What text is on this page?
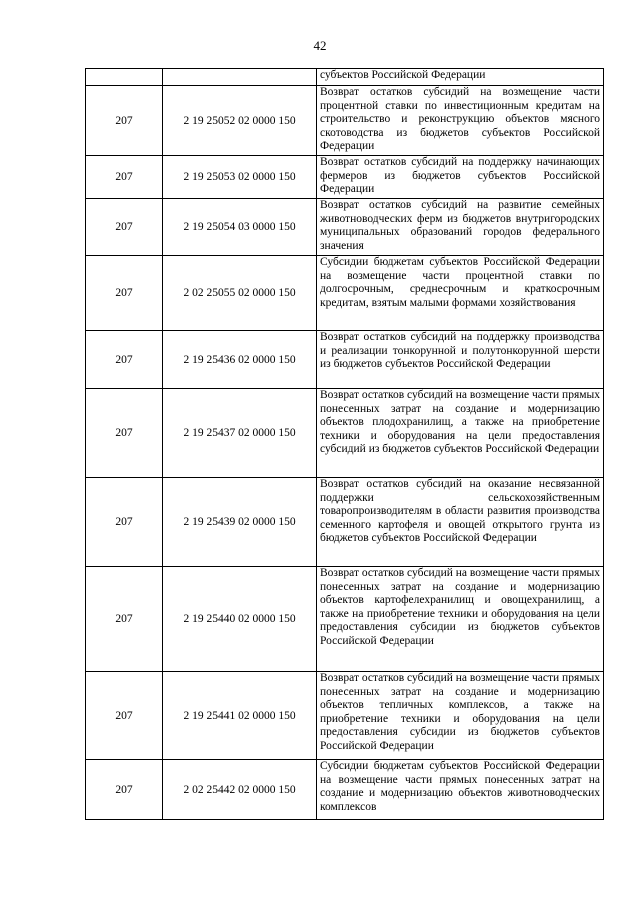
42
		субъектов Российской Федерации
207	2 19 25052 02 0000 150	Возврат остатков субсидий на возмещение части процентной ставки по инвестиционным кредитам на строительство и реконструкцию объектов мясного скотоводства из бюджетов субъектов Российской Федерации
207	2 19 25053 02 0000 150	Возврат остатков субсидий на поддержку начинающих фермеров из бюджетов субъектов Российской Федерации
207	2 19 25054 03 0000 150	Возврат остатков субсидий на развитие семейных животноводческих ферм из бюджетов внутригородских муниципальных образований городов федерального значения
207	2 02 25055 02 0000 150	Субсидии бюджетам субъектов Российской Федерации на возмещение части процентной ставки по долгосрочным, среднесрочным и краткосрочным кредитам, взятым малыми формами хозяйствования
207	2 19 25436 02 0000 150	Возврат остатков субсидий на поддержку производства и реализации тонкорунной и полутонкорунной шерсти из бюджетов субъектов Российской Федерации
207	2 19 25437 02 0000 150	Возврат остатков субсидий на возмещение части прямых понесенных затрат на создание и модернизацию объектов плодохранилищ, а также на приобретение техники и оборудования на цели предоставления субсидий из бюджетов субъектов Российской Федерации
207	2 19 25439 02 0000 150	Возврат остатков субсидий на оказание несвязанной поддержки сельскохозяйственным товаропроизводителям в области развития производства семенного картофеля и овощей открытого грунта из бюджетов субъектов Российской Федерации
207	2 19 25440 02 0000 150	Возврат остатков субсидий на возмещение части прямых понесенных затрат на создание и модернизацию объектов картофелехранилищ и овощехранилищ, а также на приобретение техники и оборудования на цели предоставления субсидии из бюджетов субъектов Российской Федерации
207	2 19 25441 02 0000 150	Возврат остатков субсидий на возмещение части прямых понесенных затрат на создание и модернизацию объектов тепличных комплексов, а также на приобретение техники и оборудования на цели предоставления субсидии из бюджетов субъектов Российской Федерации
207	2 02 25442 02 0000 150	Субсидии бюджетам субъектов Российской Федерации на возмещение части прямых понесенных затрат на создание и модернизацию объектов животноводческих комплексов
